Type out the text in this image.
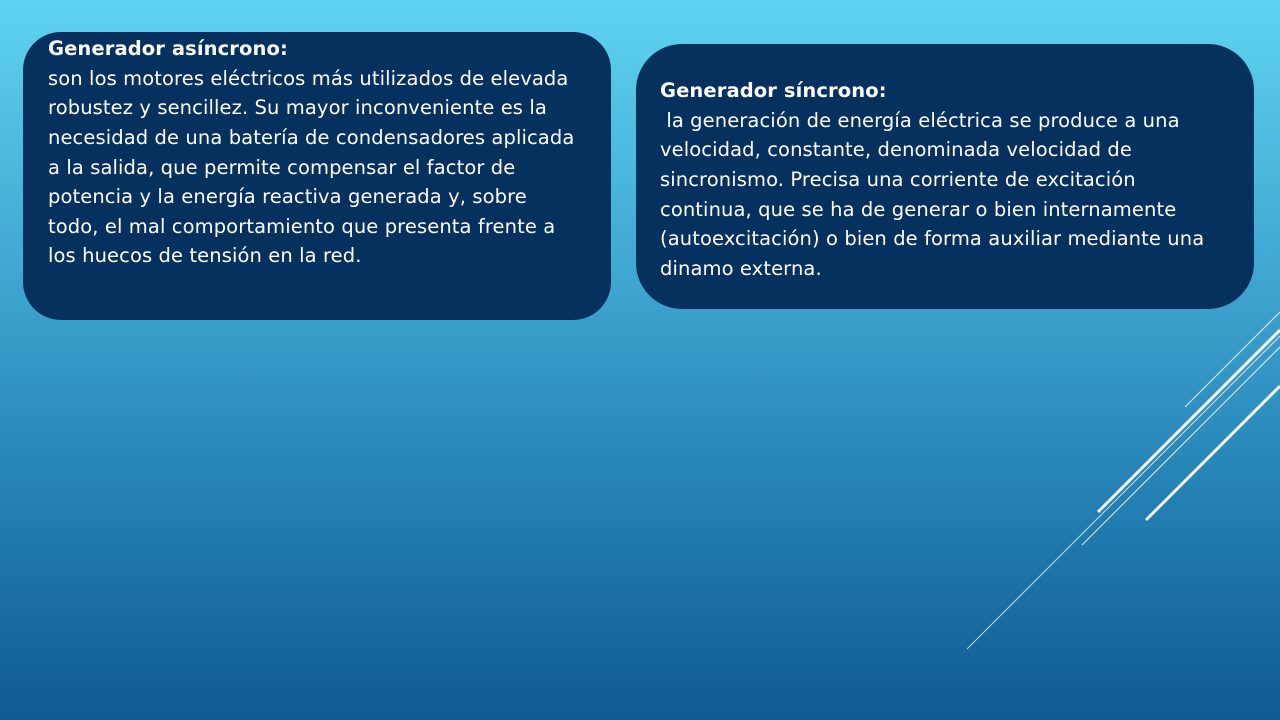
Generador asíncrono:
son los motores eléctricos más utilizados de elevada robustez y sencillez. Su mayor inconveniente es la necesidad de una batería de condensadores aplicada a la salida, que permite compensar el factor de potencia y la energía reactiva generada y, sobre todo, el mal comportamiento que presenta frente a los huecos de tensión en la red.
Generador síncrono:
la generación de energía eléctrica se produce a una velocidad, constante, denominada velocidad de sincronismo. Precisa una corriente de excitación continua, que se ha de generar o bien internamente (autoexcitación) o bien de forma auxiliar mediante una dinamo externa.
